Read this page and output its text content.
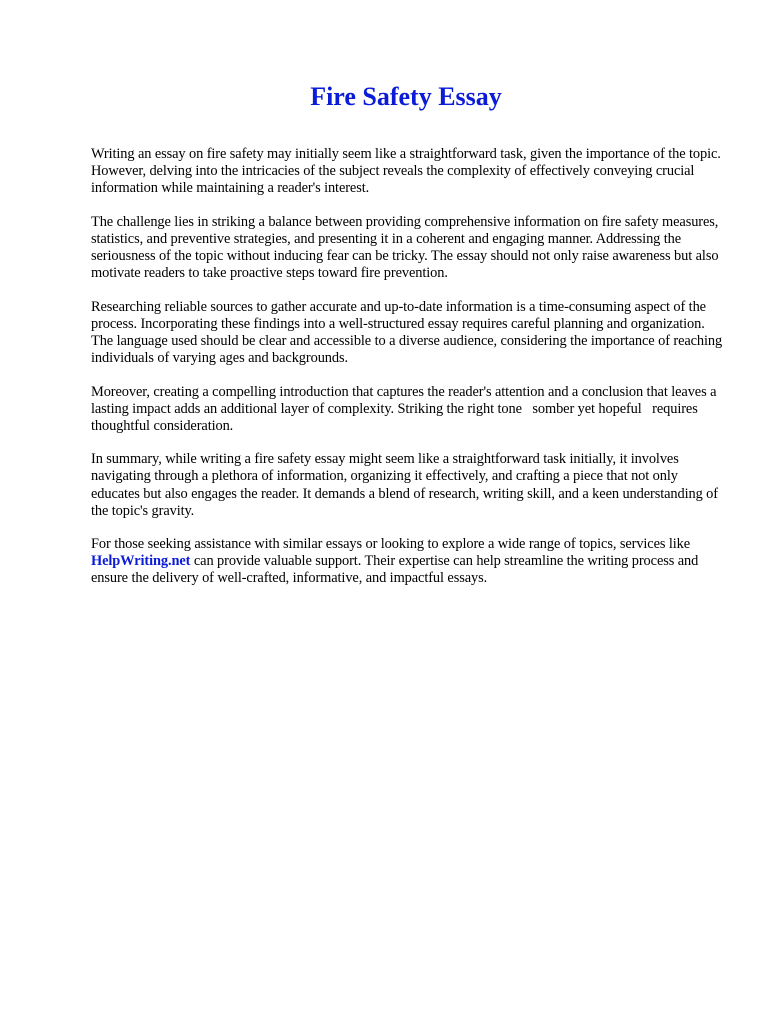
Fire Safety Essay

Writing an essay on fire safety may initially seem like a straightforward task, given the importance of the topic. However, delving into the intricacies of the subject reveals the complexity of effectively conveying crucial information while maintaining a reader's interest.

The challenge lies in striking a balance between providing comprehensive information on fire safety measures, statistics, and preventive strategies, and presenting it in a coherent and engaging manner. Addressing the seriousness of the topic without inducing fear can be tricky. The essay should not only raise awareness but also motivate readers to take proactive steps toward fire prevention.

Researching reliable sources to gather accurate and up-to-date information is a time-consuming aspect of the process. Incorporating these findings into a well-structured essay requires careful planning and organization. The language used should be clear and accessible to a diverse audience, considering the importance of reaching individuals of varying ages and backgrounds.

Moreover, creating a compelling introduction that captures the reader's attention and a conclusion that leaves a lasting impact adds an additional layer of complexity. Striking the right tone   somber yet hopeful   requires thoughtful consideration.

In summary, while writing a fire safety essay might seem like a straightforward task initially, it involves navigating through a plethora of information, organizing it effectively, and crafting a piece that not only educates but also engages the reader. It demands a blend of research, writing skill, and a keen understanding of the topic's gravity.

For those seeking assistance with similar essays or looking to explore a wide range of topics, services like HelpWriting.net can provide valuable support. Their expertise can help streamline the writing process and ensure the delivery of well-crafted, informative, and impactful essays.
